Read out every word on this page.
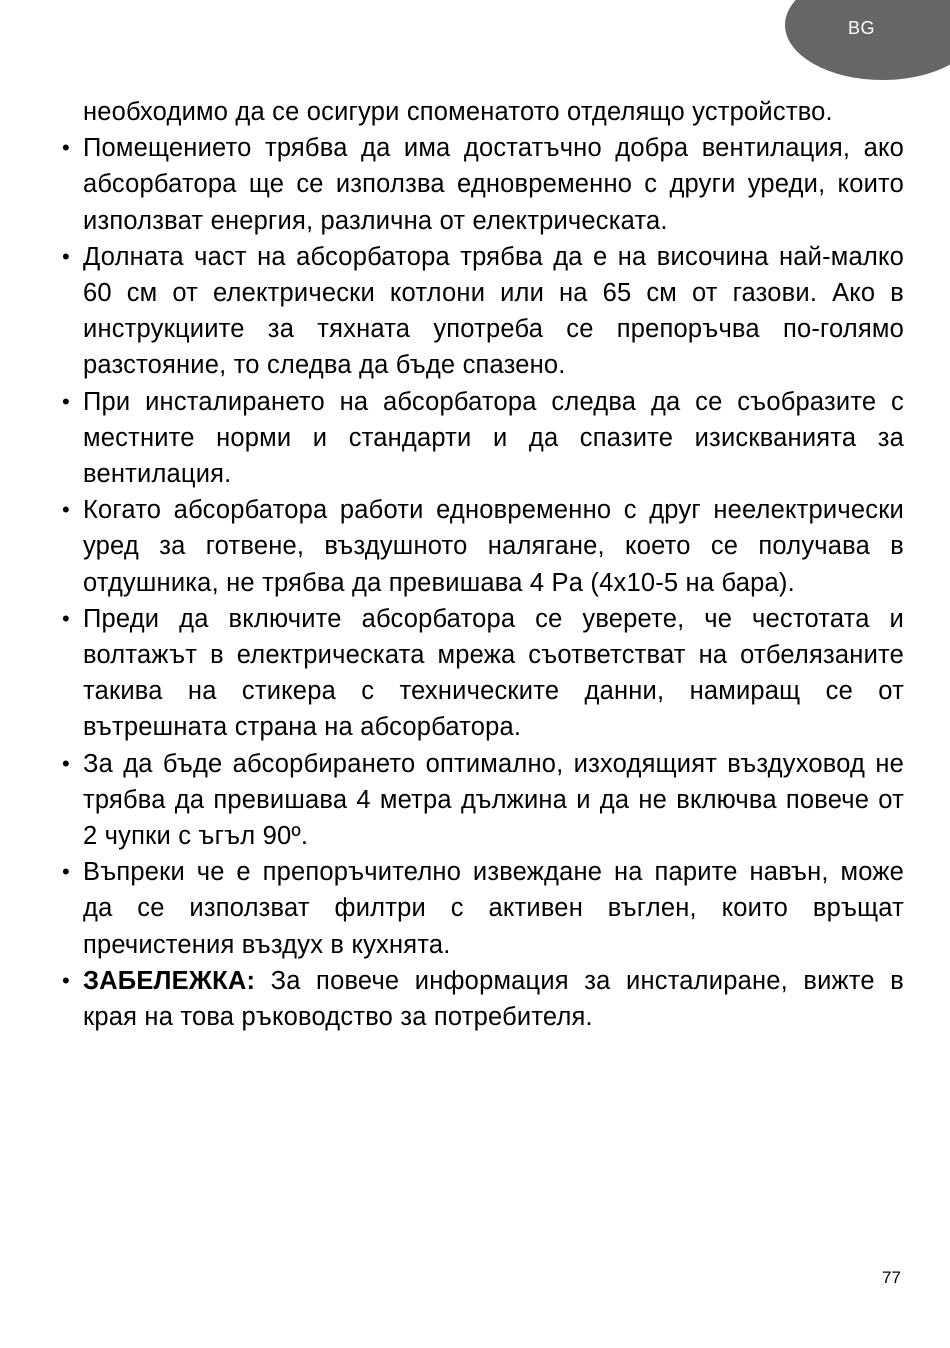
BG
необходимо да се осигури споменатото отделящо устройство.
• Помещението трябва да има достатъчно добра вентилация, ако абсорбатора ще се използва едновременно с други уреди, които използват енергия, различна от електрическата.
• Долната част на абсорбатора трябва да е на височина най-малко 60 см от електрически котлони или на 65 см от газови. Ако в инструкциите за тяхната употреба се препоръчва по-голямо разстояние, то следва да бъде спазено.
• При инсталирането на абсорбатора следва да се съобразите с местните норми и стандарти и да спазите изискванията за вентилация.
• Когато абсорбатора работи едновременно с друг неелектрически уред за готвене, въздушното налягане, което се получава в отдушника, не трябва да превишава 4 Pa (4x10-5 на бара).
• Преди да включите абсорбатора се уверете, че честотата и волтажът в електрическата мрежа съответстват на отбелязаните такива на стикера с техническите данни, намиращ се от вътрешната страна на абсорбатора.
• За да бъде абсорбирането оптимално, изходящият въздуховод не трябва да превишава 4 метра дължина и да не включва повече от 2 чупки с ъгъл 90º.
• Въпреки че е препоръчително извеждане на парите навън, може да се използват филтри с активен въглен, които връщат пречистения въздух в кухнята.
• ЗАБЕЛЕЖКА: За повече информация за инсталиране, вижте в края на това ръководство за потребителя.
77
